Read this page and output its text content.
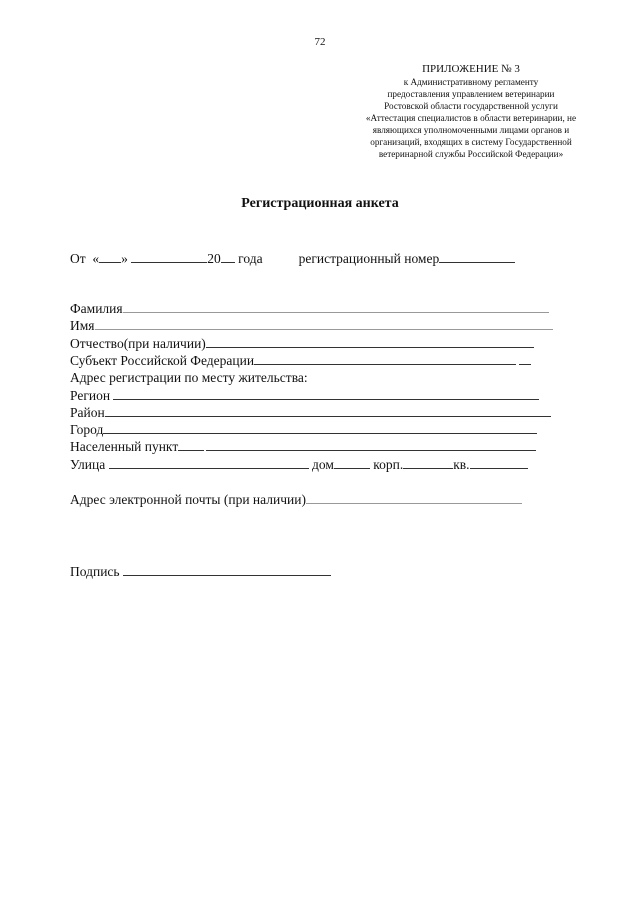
72
ПРИЛОЖЕНИЕ № 3
к Административному регламенту
предоставления управлением ветеринарии
Ростовской области государственной услуги
«Аттестация специалистов в области ветеринарии, не
являющихся уполномоченными лицами органов и
организаций, входящих в систему Государственной
ветеринарной службы Российской Федерации»
Регистрационная анкета
От « »	20 года	регистрационный номер
Фамилия
Имя
Отчество(при наличии)
Субъект Российской Федерации
Адрес регистрации по месту жительства:
Регион
Район
Город
Населенный пункт
Улица	дом	корп.	кв.
Адрес электронной почты (при наличии)
Подпись
